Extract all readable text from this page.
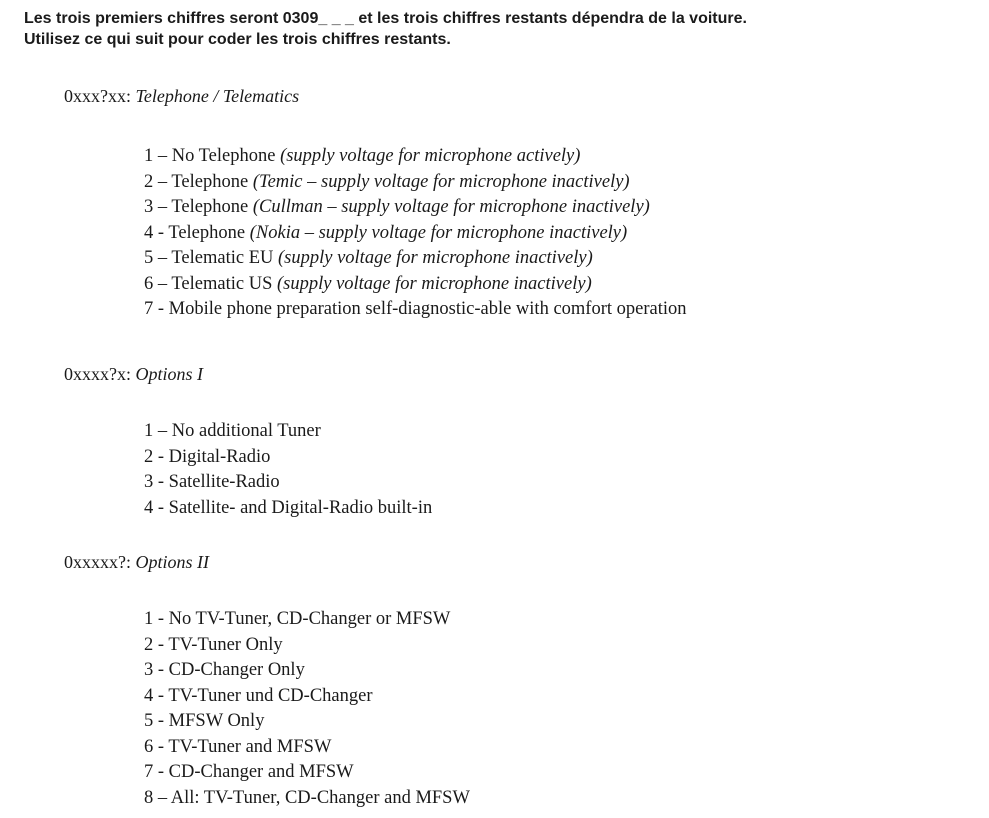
Les trois premiers chiffres seront 0309_ _ _ et les trois chiffres restants dépendra de la voiture.
Utilisez ce qui suit pour coder les trois chiffres restants.
0xxx?xx: Telephone / Telematics
1 – No Telephone (supply voltage for microphone actively)
2 – Telephone (Temic – supply voltage for microphone inactively)
3 – Telephone (Cullman – supply voltage for microphone inactively)
4 - Telephone (Nokia – supply voltage for microphone inactively)
5 – Telematic EU (supply voltage for microphone inactively)
6 – Telematic US (supply voltage for microphone inactively)
7 - Mobile phone preparation self-diagnostic-able with comfort operation
0xxxx?x: Options I
1 – No additional Tuner
2 - Digital-Radio
3 - Satellite-Radio
4 - Satellite- and Digital-Radio built-in
0xxxxx?: Options II
1 - No TV-Tuner, CD-Changer or MFSW
2 - TV-Tuner Only
3 - CD-Changer Only
4 - TV-Tuner und CD-Changer
5 - MFSW Only
6 - TV-Tuner and MFSW
7 - CD-Changer and MFSW
8 – All: TV-Tuner, CD-Changer and MFSW
